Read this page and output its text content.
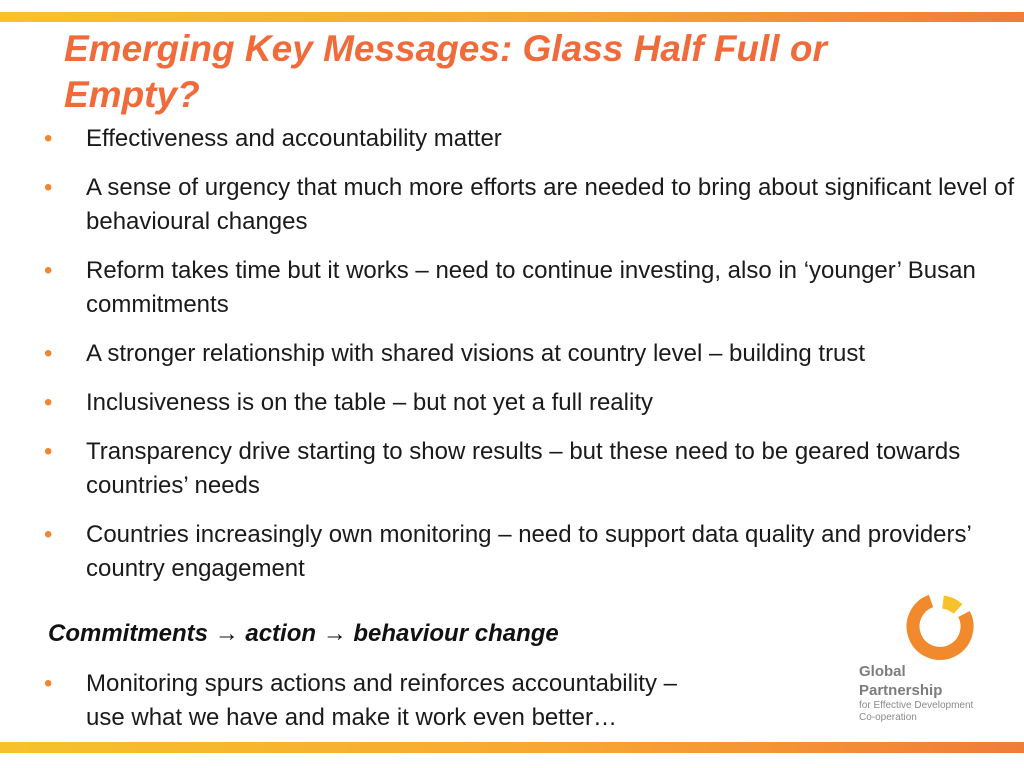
Emerging Key Messages: Glass Half Full or Empty?
• Effectiveness and accountability matter
• A sense of urgency that much more efforts are needed to bring about significant level of behavioural changes
• Reform takes time but it works – need to continue investing, also in ‘younger’ Busan commitments
• A stronger relationship with shared visions at country level – building trust
• Inclusiveness is on the table – but not yet a full reality
• Transparency drive starting to show results – but these need to be geared towards countries’ needs
• Countries increasingly own monitoring – need to support data quality and providers’ country engagement

Commitments → action → behaviour change

• Monitoring spurs actions and reinforces accountability –
use what we have and make it work even better…
Global
Partnership
for Effective Development
Co-operation
